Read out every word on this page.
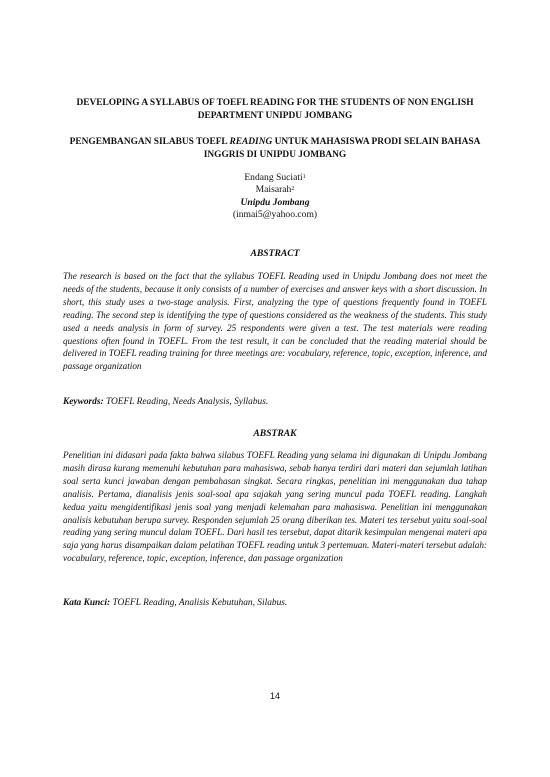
DEVELOPING A SYLLABUS OF TOEFL READING FOR THE STUDENTS OF NON ENGLISH DEPARTMENT UNIPDU JOMBANG

PENGEMBANGAN SILABUS TOEFL READING UNTUK MAHASISWA PRODI SELAIN BAHASA INGGRIS DI UNIPDU JOMBANG

Endang Suciati$^1$

Maisarah$^2$

Unipdu Jombang

(inmai5@yahoo.com)

ABSTRACT

The research is based on the fact that the syllabus TOEFL Reading used in Unipdu Jombang does not meet the needs of the students, because it only consists of a number of exercises and answer keys with a short discussion. In short, this study uses a two-stage analysis. First, analyzing the type of questions frequently found in TOEFL reading. The second step is identifying the type of questions considered as the weakness of the students. This study used a needs analysis in form of survey. 25 respondents were given a test. The test materials were reading questions often found in TOEFL. From the test result, it can be concluded that the reading material should be delivered in TOEFL reading training for three meetings are: vocabulary, reference, topic, exception, inference, and passage organization

Keywords: TOEFL Reading, Needs Analysis, Syllabus.

ABSTRAK

Penelitian ini didasari pada fakta bahwa silabus TOEFL Reading yang selama ini digunakan di Unipdu Jombang masih dirasa kurang memenuhi kebutuhan para mahasiswa, sebab hanya terdiri dari materi dan sejumlah latihan soal serta kunci jawaban dengan pembahasan singkat. Secara ringkas, penelitian ini menggunakan dua tahap analisis. Pertama, dianalisis jenis soal-soal apa sajakah yang sering muncul pada TOEFL reading. Langkah kedua yaitu mengidentifikasi jenis soal yang menjadi kelemahan para mahasiswa. Penelitian ini menggunakan analisis kebutuhan berupa survey. Responden sejumlah 25 orang diberikan tes. Materi tes tersebut yaitu soal-soal reading yang sering muncul dalam TOEFL. Dari hasil tes tersebut, dapat ditarik kesimpulan mengenai materi apa saja yang harus disampaikan dalam pelatihan TOEFL reading untuk 3 pertemuan. Materi-materi tersebut adalah: vocabulary, reference, topic, exception, inference, dan passage organization

Kata Kunci: TOEFL Reading, Analisis Kebutuhan, Silabus.

14
